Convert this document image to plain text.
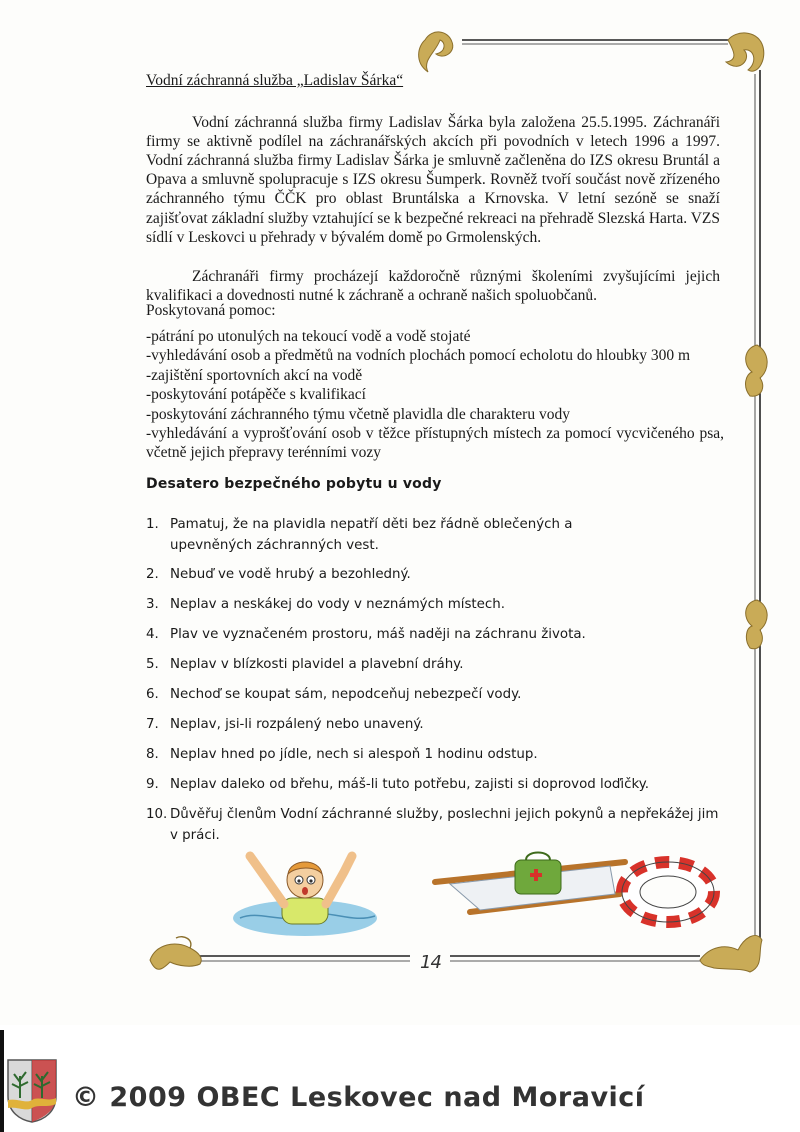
Vodní záchranná služba „Ladislav Šárka“

Vodní záchranná služba firmy Ladislav Šárka byla založena 25.5.1995. Záchranáři firmy se aktivně podílel na záchranářských akcích při povodních v letech 1996 a 1997. Vodní záchranná služba firmy Ladislav Šárka je smluvně začleněna do IZS okresu Bruntál a Opava a smluvně spolupracuje s IZS okresu Šumperk. Rovněž tvoří součást nově zřízeného záchranného týmu ČČK pro oblast Bruntálska a Krnovska. V letní sezóně se snaží zajišťovat základní služby vztahující se k bezpečné rekreaci na přehradě Slezská Harta. VZS sídlí v Leskovci u přehrady v bývalém domě po Grmolenských.

Záchranáři firmy procházejí každoročně různými školeními zvyšujícími jejich kvalifikaci a dovednosti nutné k záchraně a ochraně našich spoluobčanů.

Poskytovaná pomoc:
-pátrání po utonulých na tekoucí vodě a vodě stojaté
-vyhledávání osob a předmětů na vodních plochách pomocí echolotu do hloubky 300 m
-zajištění sportovních akcí na vodě
-poskytování potápěče s kvalifikací
-poskytování záchranného týmu včetně plavidla dle charakteru vody
-vyhledávání a vyprošťování osob v těžce přístupných místech za pomocí vycvičeného psa, včetně jejich přepravy terénními vozy
Desatero bezpečného pobytu u vody
1. Pamatuj, že na plavidla nepatří děti bez řádně oblečených a upevněných záchranných vest.
2. Nebuď ve vodě hrubý a bezohledný.
3. Neplav a neskákej do vody v neznámých místech.
4. Plav ve vyznačeném prostoru, máš naději na záchranu života.
5. Neplav v blízkosti plavidel a plavební dráhy.
6. Nechoď se koupat sám, nepodceňuj nebezpečí vody.
7. Neplav, jsi-li rozpálený nebo unavený.
8. Neplav hned po jídle, nech si alespoň 1 hodinu odstup.
9. Neplav daleko od břehu, máš-li tuto potřebu, zajisti si doprovod loďičky.
10. Důvěřuj členům Vodní záchranné služby, poslechni jejich pokynů a nepřekážej jim v práci.
14
© 2009 OBEC Leskovec nad Moravicí
